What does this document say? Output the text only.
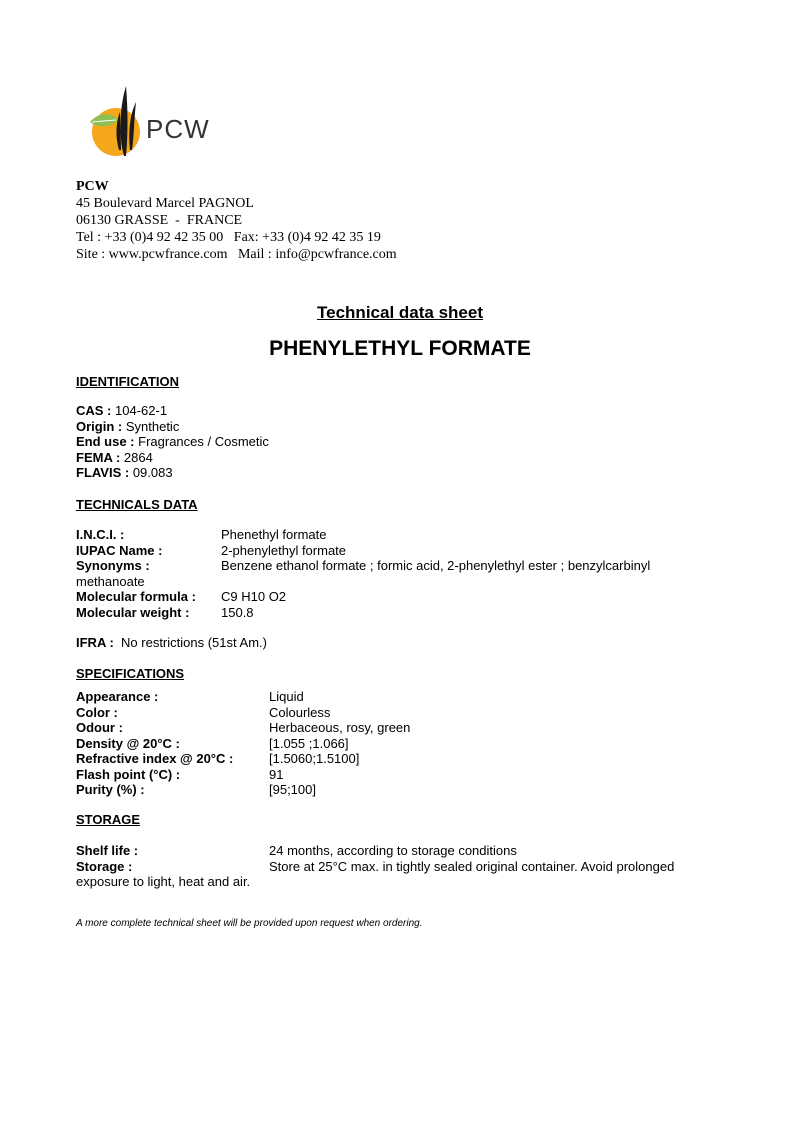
PCW
PCW
45 Boulevard Marcel PAGNOL
06130 GRASSE  -  FRANCE
Tel : +33 (0)4 92 42 35 00   Fax: +33 (0)4 92 42 35 19
Site : www.pcwfrance.com   Mail : info@pcwfrance.com
Technical data sheet
PHENYLETHYL FORMATE
IDENTIFICATION
CAS : 104-62-1
Origin : Synthetic
End use : Fragrances / Cosmetic
FEMA : 2864
FLAVIS : 09.083
TECHNICALS DATA
I.N.C.I. :	Phenethyl formate
IUPAC Name :	2-phenylethyl formate
Synonyms :	Benzene ethanol formate ; formic acid, 2-phenylethyl ester ; benzylcarbinyl
methanoate
Molecular formula : C9 H10 O2
Molecular weight : 150.8
IFRA : No restrictions (51st Am.)
SPECIFICATIONS
Appearance :	Liquid
Color :	Colourless
Odour :	Herbaceous, rosy, green
Density @ 20°C :	[1.055 ;1.066]
Refractive index @ 20°C :	[1.5060;1.5100]
Flash point (°C) :	91
Purity (%) :	[95;100]
STORAGE
Shelf life :	24 months, according to storage conditions
Storage :	Store at 25°C max. in tightly sealed original container. Avoid prolonged
exposure to light, heat and air.
A more complete technical sheet will be provided upon request when ordering.
